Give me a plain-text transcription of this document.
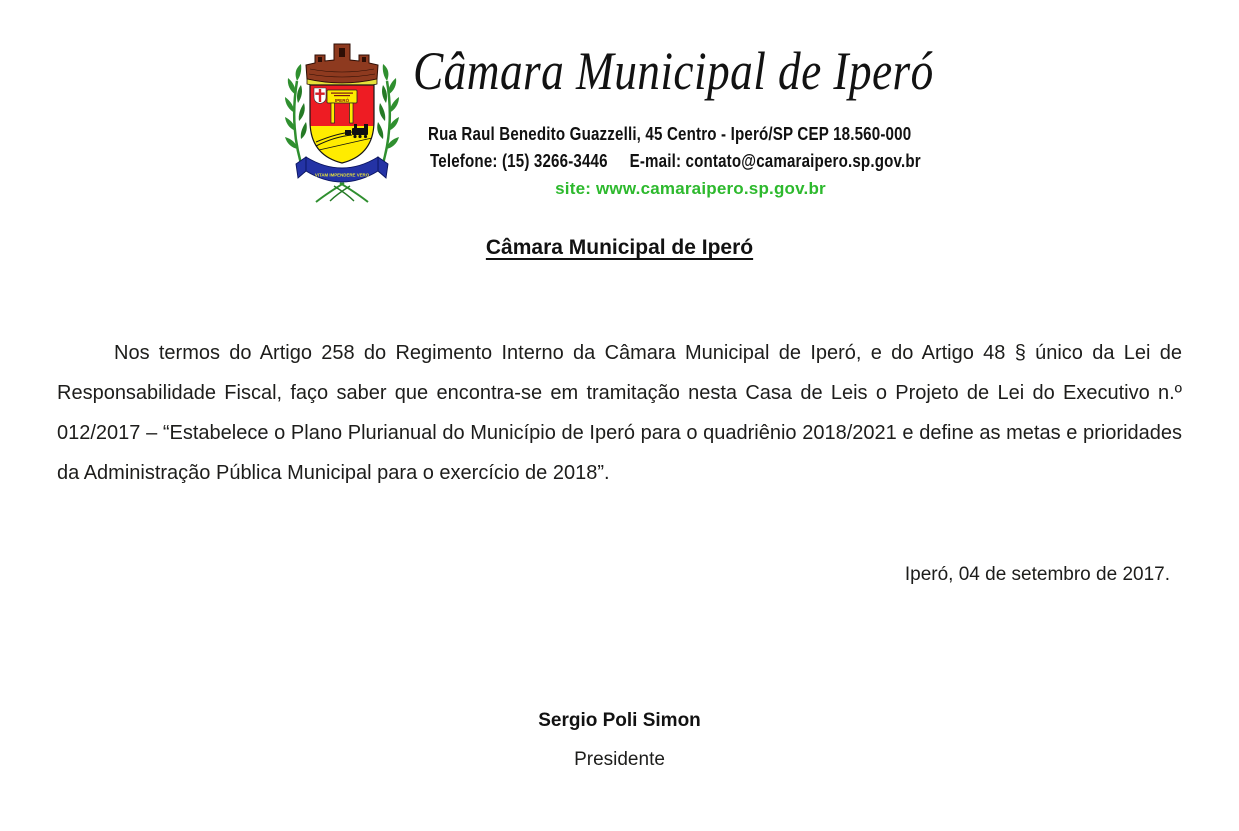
IPERÓ
VITAM IMPENDERE VERO
Câmara Municipal de Iperó
Rua Raul Benedito Guazzelli, 45 Centro - Iperó/SP CEP 18.560-000
Telefone: (15) 3266-3446 E-mail: contato@camaraipero.sp.gov.br
site: www.camaraipero.sp.gov.br
Câmara Municipal de Iperó

Nos termos do Artigo 258 do Regimento Interno da Câmara Municipal de Iperó, e do Artigo 48 § único da Lei de Responsabilidade Fiscal, faço saber que encontra-se em tramitação nesta Casa de Leis o Projeto de Lei do Executivo n.º 012/2017 – “Estabelece o Plano Plurianual do Município de Iperó para o quadriênio 2018/2021 e define as metas e prioridades da Administração Pública Municipal para o exercício de 2018”.

Iperó, 04 de setembro de 2017.
Sergio Poli Simon
Presidente
